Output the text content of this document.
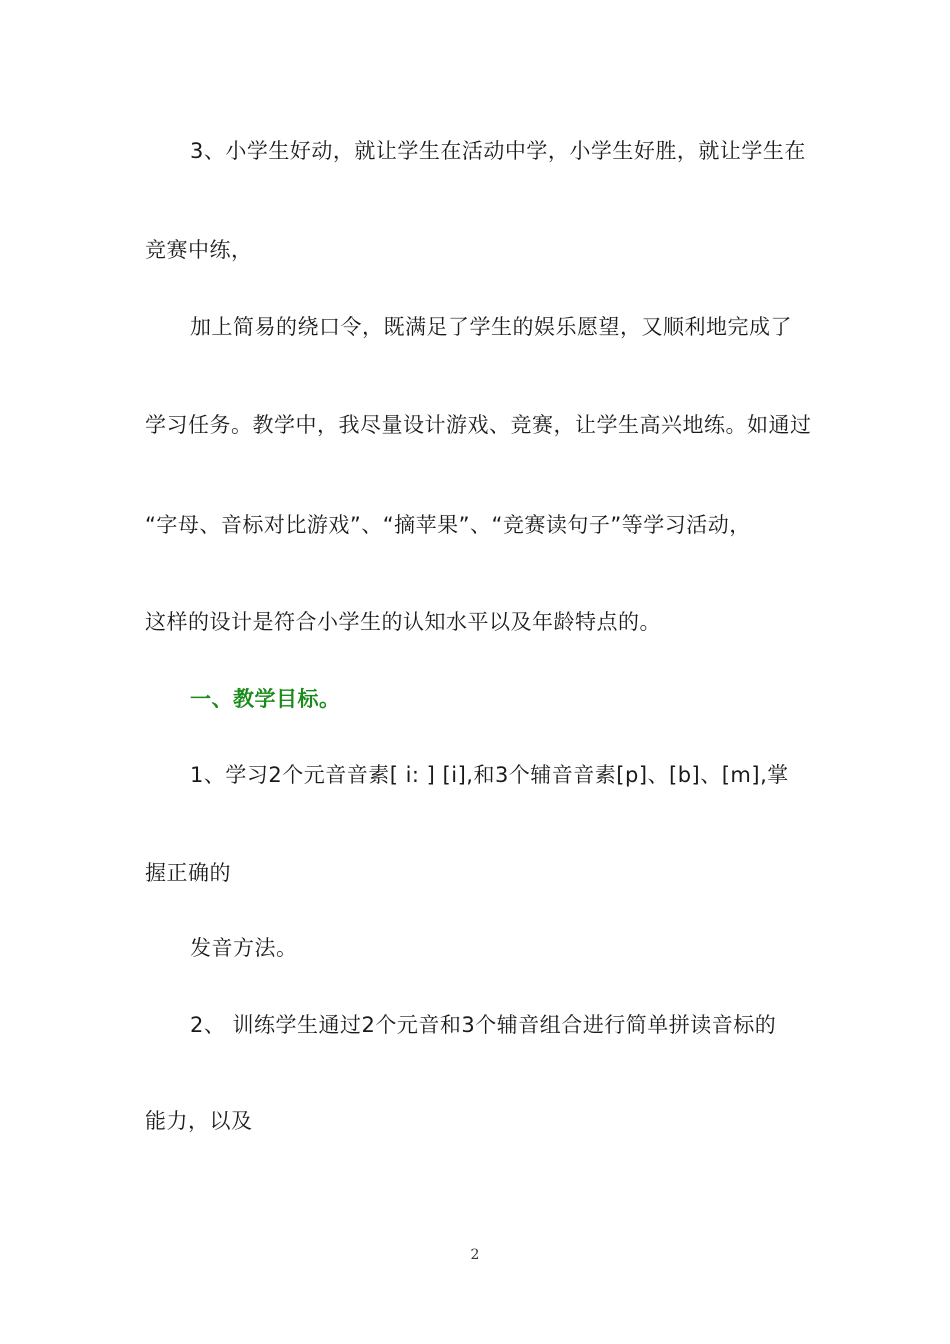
3、小学生好动，就让学生在活动中学，小学生好胜，就让学生在
竞赛中练，
加上简易的绕口令，既满足了学生的娱乐愿望，又顺利地完成了
学习任务。教学中，我尽量设计游戏、竞赛，让学生高兴地练。如通过
“字母、音标对比游戏”、“摘苹果”、“竞赛读句子”等学习活动，
这样的设计是符合小学生的认知水平以及年龄特点的。
一、教学目标。
1、学习2个元音音素[ i: ] [i],和3个辅音音素[p]、[b]、[m],掌
握正确的
发音方法。
2、 训练学生通过2个元音和3个辅音组合进行简单拼读音标的
能力，以及
2
